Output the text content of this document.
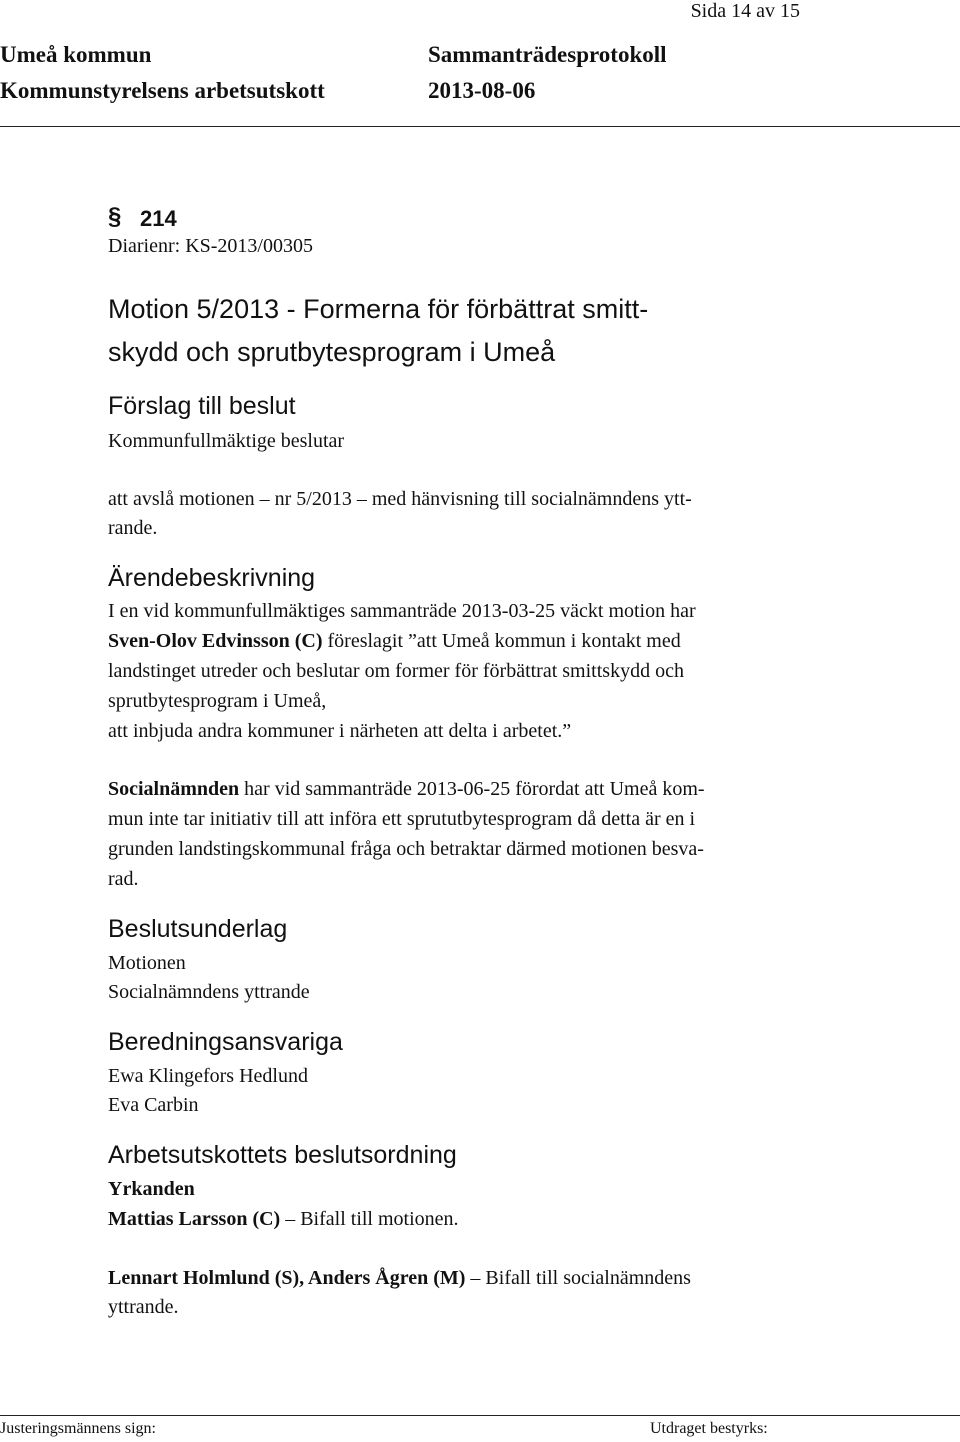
Sida 14 av 15
Umeå kommun
Kommunstyrelsens arbetsutskott
Sammanträdesprotokoll
2013-08-06
§ 214
Diarienr: KS-2013/00305
Motion 5/2013 - Formerna för förbättrat smitt-
skydd och sprutbytesprogram i Umeå
Förslag till beslut
Kommunfullmäktige beslutar
att avslå motionen – nr 5/2013 – med hänvisning till socialnämndens ytt-
rande.
Ärendebeskrivning
I en vid kommunfullmäktiges sammanträde 2013-03-25 väckt motion har
Sven-Olov Edvinsson (C) föreslagit ”att Umeå kommun i kontakt med
landstinget utreder och beslutar om former för förbättrat smittskydd och
sprutbytesprogram i Umeå,
att inbjuda andra kommuner i närheten att delta i arbetet.”
Socialnämnden har vid sammanträde 2013-06-25 förordat att Umeå kom-
mun inte tar initiativ till att införa ett sprututbytesprogram då detta är en i
grunden landstingskommunal fråga och betraktar därmed motionen besva-
rad.
Beslutsunderlag
Motionen
Socialnämndens yttrande
Beredningsansvariga
Ewa Klingefors Hedlund
Eva Carbin
Arbetsutskottets beslutsordning
Yrkanden
Mattias Larsson (C) – Bifall till motionen.
Lennart Holmlund (S), Anders Ågren (M) – Bifall till socialnämndens
yttrande.
Justeringsmännens sign:	Utdraget bestyrks:
